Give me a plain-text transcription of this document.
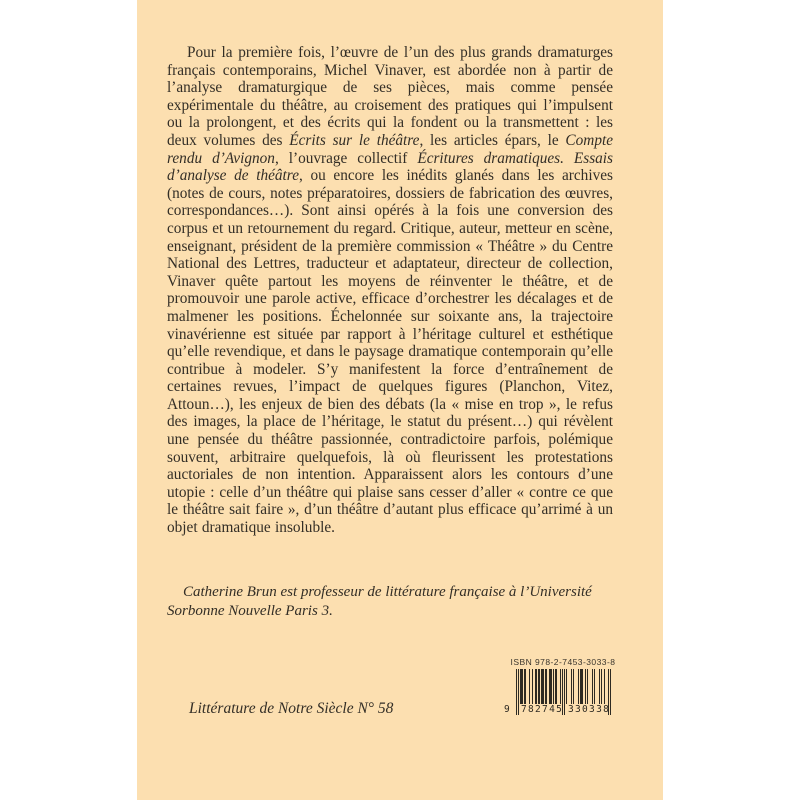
Pour la première fois, l’œuvre de l’un des plus grands dramaturges français contemporains, Michel Vinaver, est abordée non à partir de l’analyse dramaturgique de ses pièces, mais comme pensée expérimentale du théâtre, au croisement des pratiques qui l’impulsent ou la prolongent, et des écrits qui la fondent ou la transmettent : les deux volumes des Écrits sur le théâtre, les articles épars, le Compte rendu d’Avignon, l’ouvrage collectif Écritures dramatiques. Essais d’analyse de théâtre, ou encore les inédits glanés dans les archives (notes de cours, notes préparatoires, dossiers de fabrication des œuvres, correspondances…). Sont ainsi opérés à la fois une conversion des corpus et un retournement du regard. Critique, auteur, metteur en scène, enseignant, président de la première commission « Théâtre » du Centre National des Lettres, traducteur et adaptateur, directeur de collection, Vinaver quête partout les moyens de réinventer le théâtre, et de promouvoir une parole active, efficace d’orchestrer les décalages et de malmener les positions. Échelonnée sur soixante ans, la trajectoire vinavérienne est située par rapport à l’héritage culturel et esthétique qu’elle revendique, et dans le paysage dramatique contemporain qu’elle contribue à modeler. S’y manifestent la force d’entraînement de certaines revues, l’impact de quelques figures (Planchon, Vitez, Attoun…), les enjeux de bien des débats (la « mise en trop », le refus des images, la place de l’héritage, le statut du présent…) qui révèlent une pensée du théâtre passionnée, contradictoire parfois, polémique souvent, arbitraire quelquefois, là où fleurissent les protestations auctoriales de non intention. Apparaissent alors les contours d’une utopie : celle d’un théâtre qui plaise sans cesser d’aller « contre ce que le théâtre sait faire », d’un théâtre d’autant plus efficace qu’arrimé à un objet dramatique insoluble.

Catherine Brun est professeur de littérature française à l’Université Sorbonne Nouvelle Paris 3.

ISBN 978-2-7453-3033-8
9 782745 330338
Littérature de Notre Siècle N° 58
